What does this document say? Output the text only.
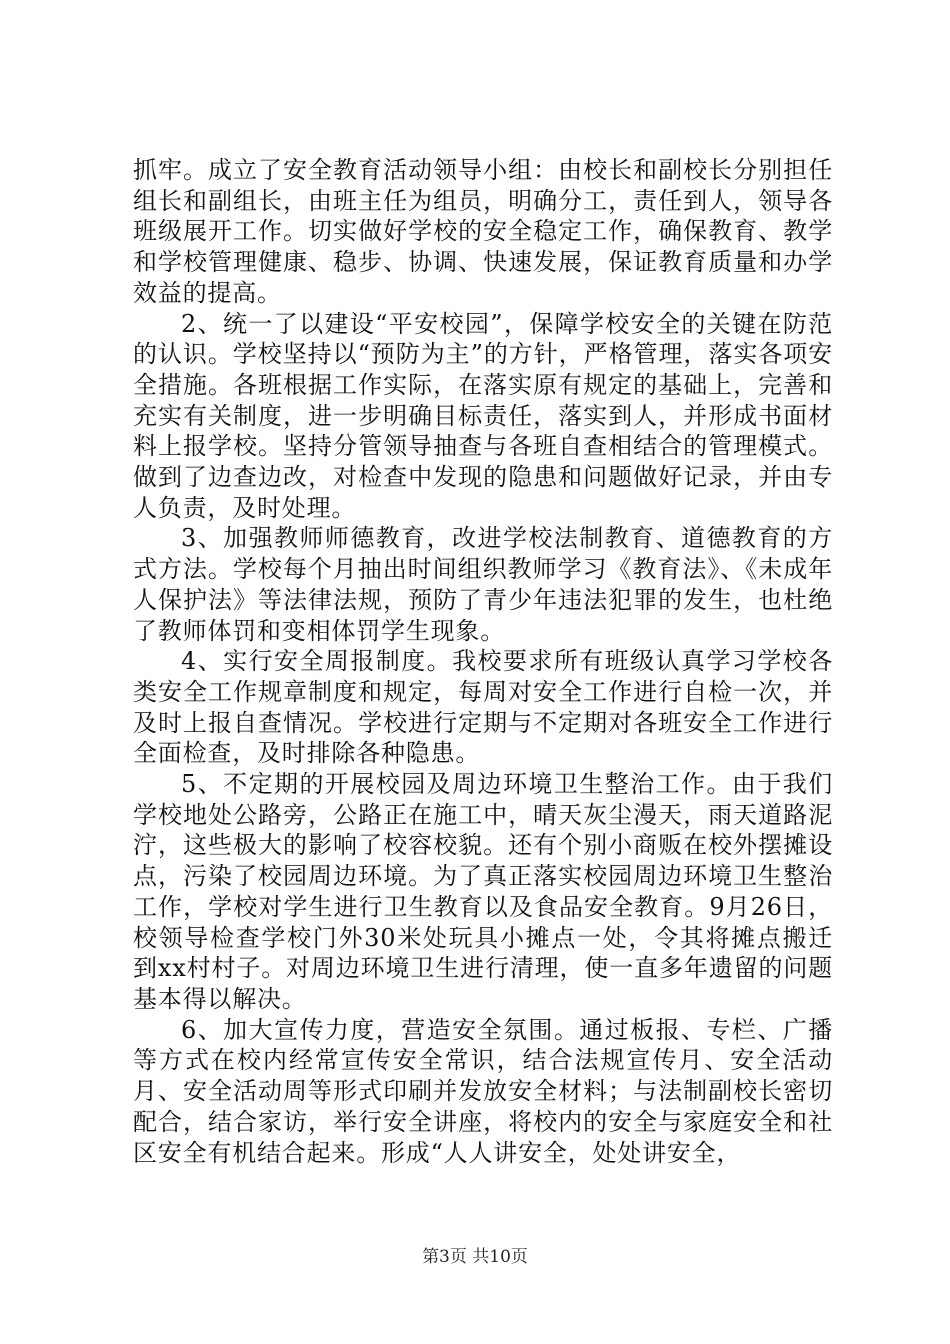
抓牢。成立了安全教育活动领导小组：由校长和副校长分别担任组长和副组长，由班主任为组员，明确分工，责任到人，领导各班级展开工作。切实做好学校的安全稳定工作，确保教育、教学和学校管理健康、稳步、协调、快速发展，保证教育质量和办学效益的提高。

2、统一了以建设“平安校园”，保障学校安全的关键在防范的认识。学校坚持以“预防为主”的方针，严格管理，落实各项安全措施。各班根据工作实际，在落实原有规定的基础上，完善和充实有关制度，进一步明确目标责任，落实到人，并形成书面材料上报学校。坚持分管领导抽查与各班自查相结合的管理模式。做到了边查边改，对检查中发现的隐患和问题做好记录，并由专人负责，及时处理。

3、加强教师师德教育，改进学校法制教育、道德教育的方式方法。学校每个月抽出时间组织教师学习《教育法》、《未成年人保护法》等法律法规，预防了青少年违法犯罪的发生，也杜绝了教师体罚和变相体罚学生现象。

4、实行安全周报制度。我校要求所有班级认真学习学校各类安全工作规章制度和规定，每周对安全工作进行自检一次，并及时上报自查情况。学校进行定期与不定期对各班安全工作进行全面检查，及时排除各种隐患。

5、不定期的开展校园及周边环境卫生整治工作。由于我们学校地处公路旁，公路正在施工中，晴天灰尘漫天，雨天道路泥泞，这些极大的影响了校容校貌。还有个别小商贩在校外摆摊设点，污染了校园周边环境。为了真正落实校园周边环境卫生整治工作，学校对学生进行卫生教育以及食品安全教育。9月26日，校领导检查学校门外30米处玩具小摊点一处，令其将摊点搬迁到xx村村子。对周边环境卫生进行清理，使一直多年遗留的问题基本得以解决。

6、加大宣传力度，营造安全氛围。通过板报、专栏、广播等方式在校内经常宣传安全常识，结合法规宣传月、安全活动月、安全活动周等形式印刷并发放安全材料；与法制副校长密切配合，结合家访，举行安全讲座，将校内的安全与家庭安全和社区安全有机结合起来。形成“人人讲安全，处处讲安全，

第3页 共10页
